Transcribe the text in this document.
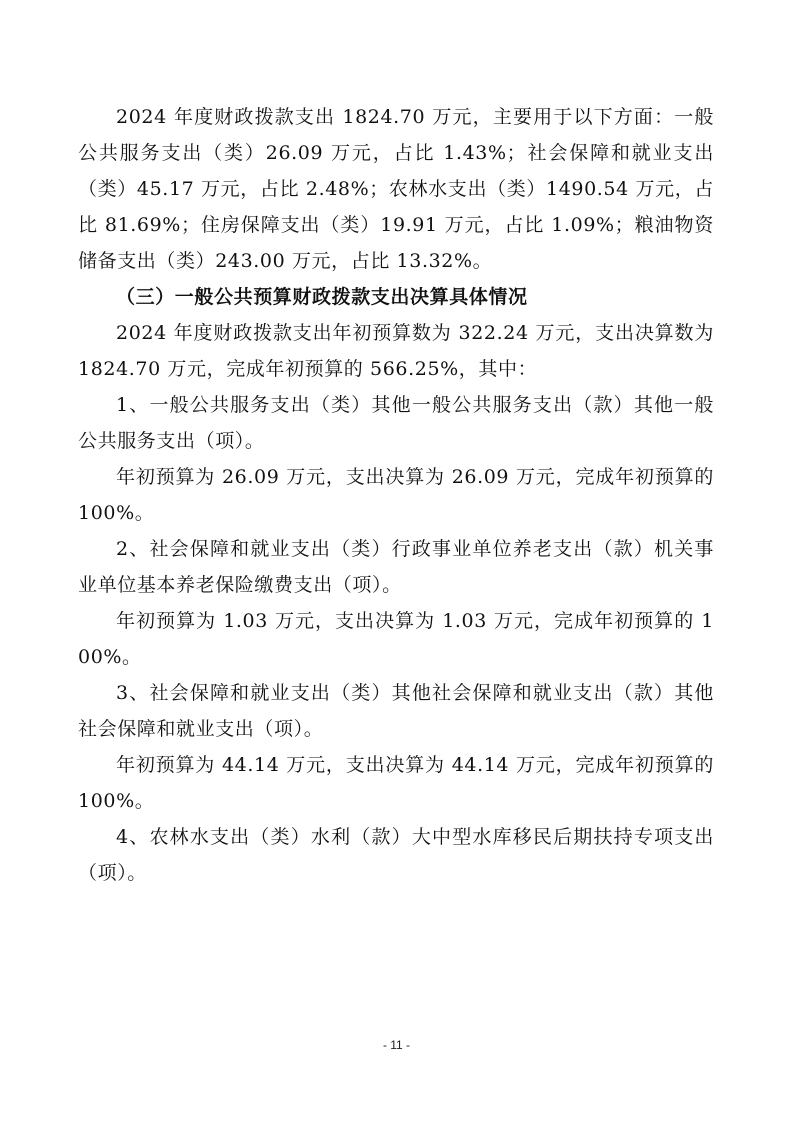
2024 年度财政拨款支出 1824.70 万元，主要用于以下方面：一般公共服务支出（类）26.09 万元，占比 1.43%；社会保障和就业支出（类）45.17 万元，占比 2.48%；农林水支出（类）1490.54 万元，占比 81.69%；住房保障支出（类）19.91 万元，占比 1.09%；粮油物资储备支出（类）243.00 万元，占比 13.32%。

（三）一般公共预算财政拨款支出决算具体情况

2024 年度财政拨款支出年初预算数为 322.24 万元，支出决算数为 1824.70 万元，完成年初预算的 566.25%，其中：

1、一般公共服务支出（类）其他一般公共服务支出（款）其他一般公共服务支出（项）。

年初预算为 26.09 万元，支出决算为 26.09 万元，完成年初预算的 100%。

2、社会保障和就业支出（类）行政事业单位养老支出（款）机关事业单位基本养老保险缴费支出（项）。

年初预算为 1.03 万元，支出决算为 1.03 万元，完成年初预算的 100%。

3、社会保障和就业支出（类）其他社会保障和就业支出（款）其他社会保障和就业支出（项）。

年初预算为 44.14 万元，支出决算为 44.14 万元，完成年初预算的 100%。

4、农林水支出（类）水利（款）大中型水库移民后期扶持专项支出（项）。

- 11 -
